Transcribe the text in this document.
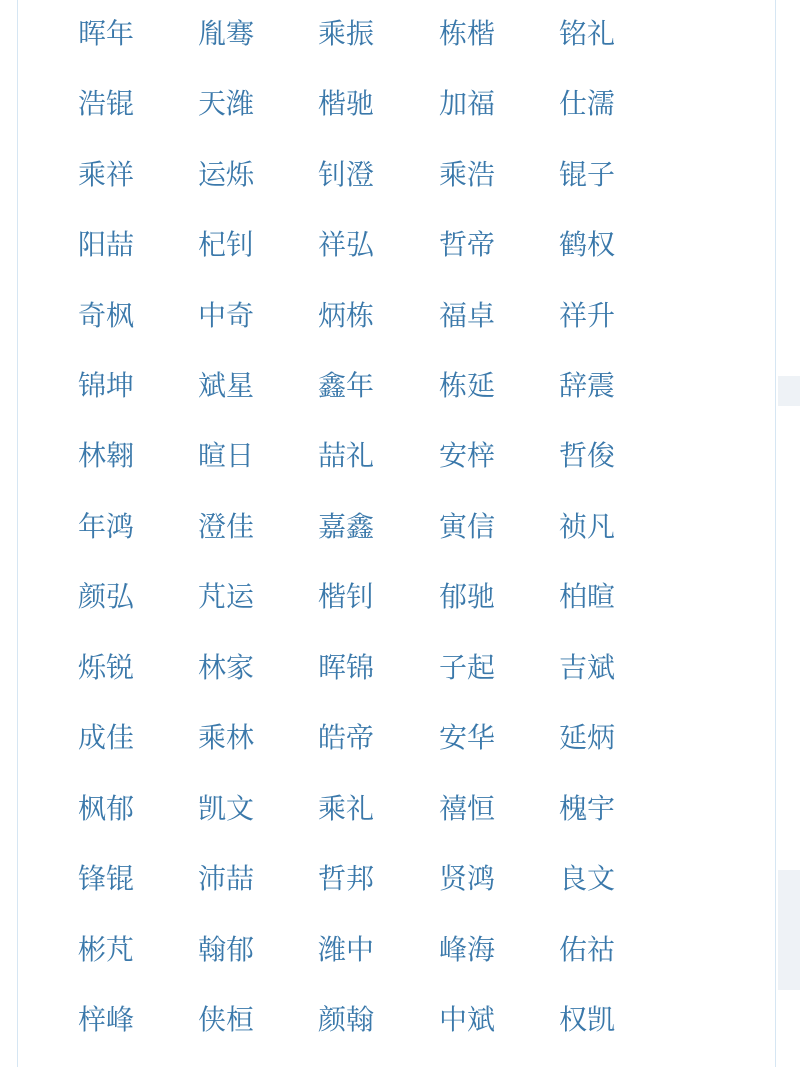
晖年	胤骞	乘振	栋楷	铭礼
浩锟	天潍	楷驰	加福	仕濡
乘祥	运烁	钊澄	乘浩	锟子
阳喆	杞钊	祥弘	哲帝	鹤权
奇枫	中奇	炳栋	福卓	祥升
锦坤	斌星	鑫年	栋延	辞震
林翱	暄日	喆礼	安梓	哲俊
年鸿	澄佳	嘉鑫	寅信	祯凡
颜弘	芃运	楷钊	郁驰	柏暄
烁锐	林家	晖锦	子起	吉斌
成佳	乘林	皓帝	安华	延炳
枫郁	凯文	乘礼	禧恒	槐宇
锋锟	沛喆	哲邦	贤鸿	良文
彬芃	翰郁	潍中	峰海	佑祜
梓峰	侠桓	颜翰	中斌	权凯
